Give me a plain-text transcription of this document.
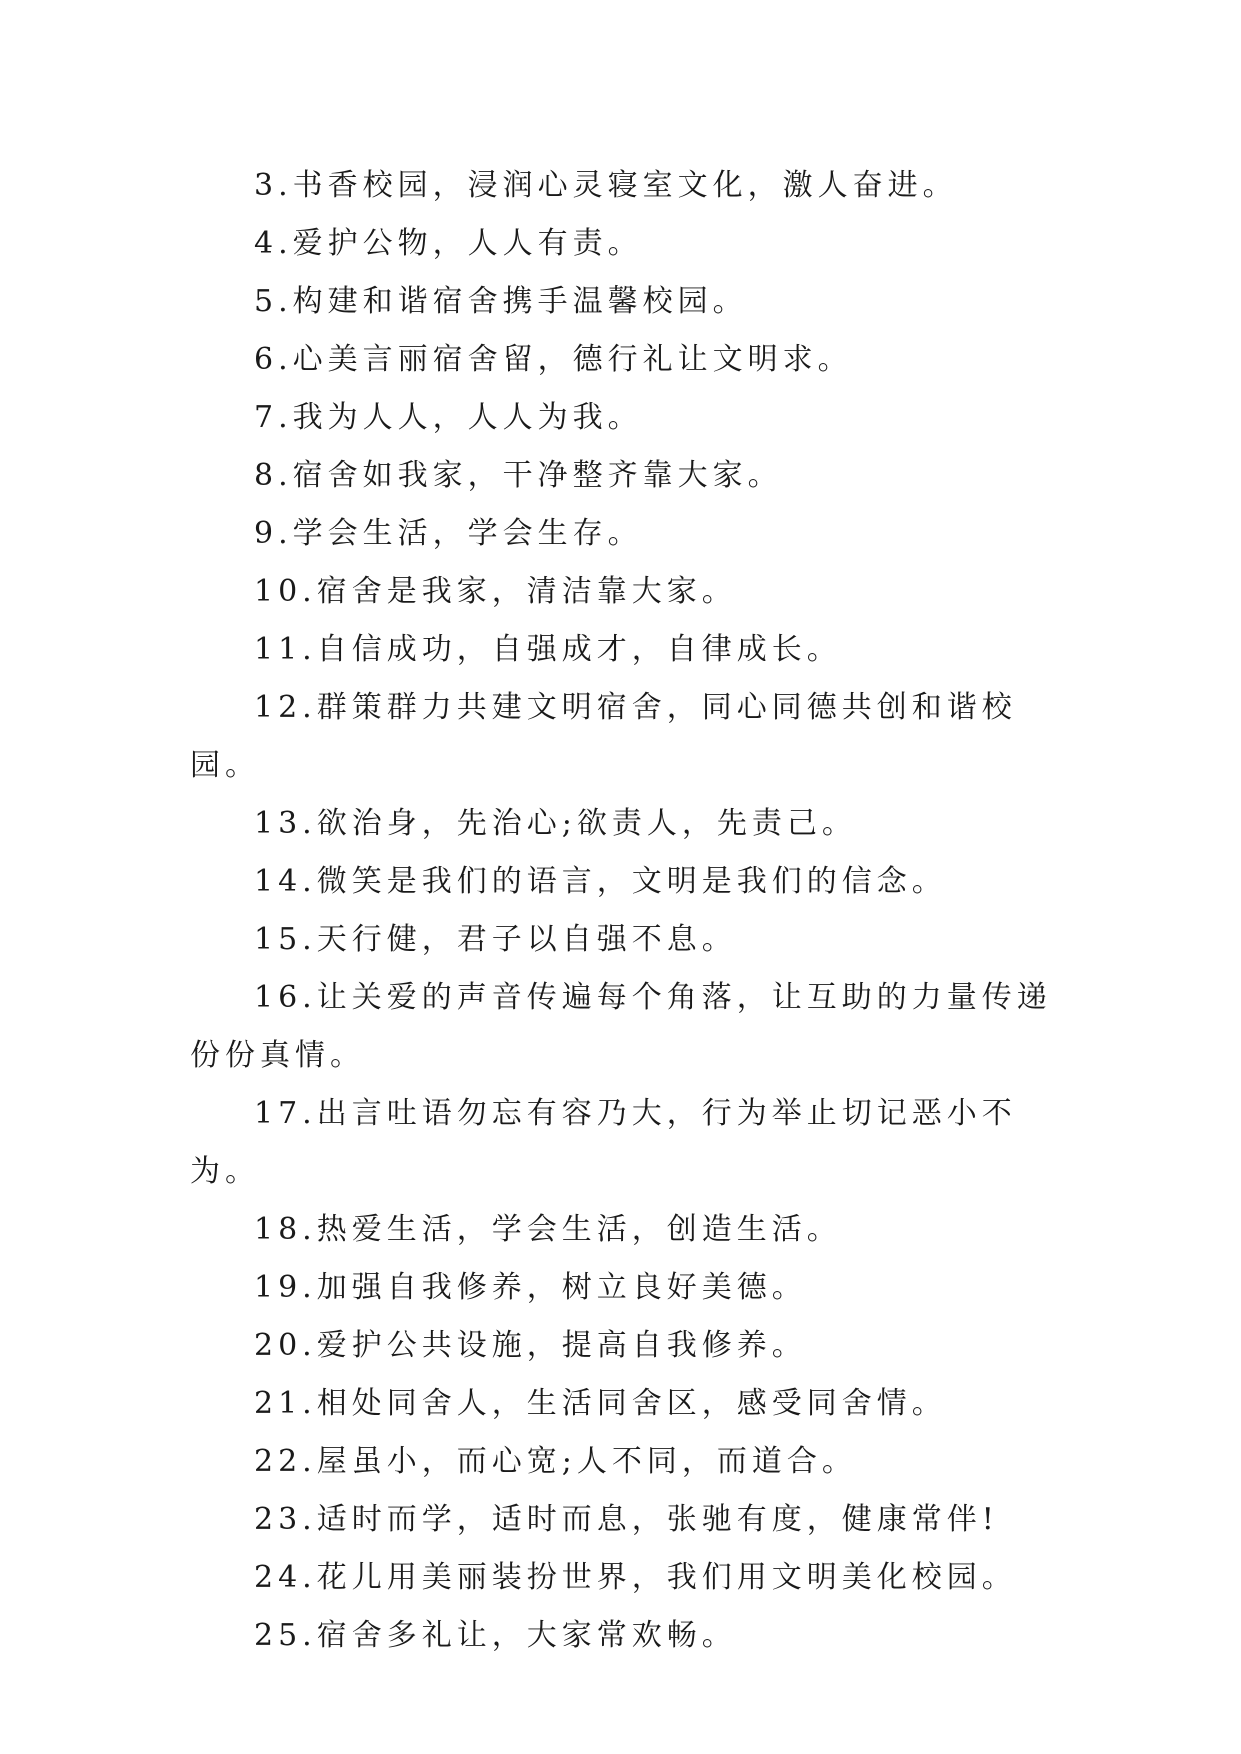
3.书香校园，浸润心灵寝室文化，激人奋进。

4.爱护公物，人人有责。

5.构建和谐宿舍携手温馨校园。

6.心美言丽宿舍留，德行礼让文明求。

7.我为人人，人人为我。

8.宿舍如我家，干净整齐靠大家。

9.学会生活，学会生存。

10.宿舍是我家，清洁靠大家。

11.自信成功，自强成才，自律成长。

12.群策群力共建文明宿舍，同心同德共创和谐校园。

13.欲治身，先治心;欲责人，先责己。

14.微笑是我们的语言，文明是我们的信念。

15.天行健，君子以自强不息。

16.让关爱的声音传遍每个角落，让互助的力量传递份份真情。

17.出言吐语勿忘有容乃大，行为举止切记恶小不为。

18.热爱生活，学会生活，创造生活。

19.加强自我修养，树立良好美德。

20.爱护公共设施，提高自我修养。

21.相处同舍人，生活同舍区，感受同舍情。

22.屋虽小，而心宽;人不同，而道合。

23.适时而学，适时而息，张驰有度，健康常伴!

24.花儿用美丽装扮世界，我们用文明美化校园。

25.宿舍多礼让，大家常欢畅。
